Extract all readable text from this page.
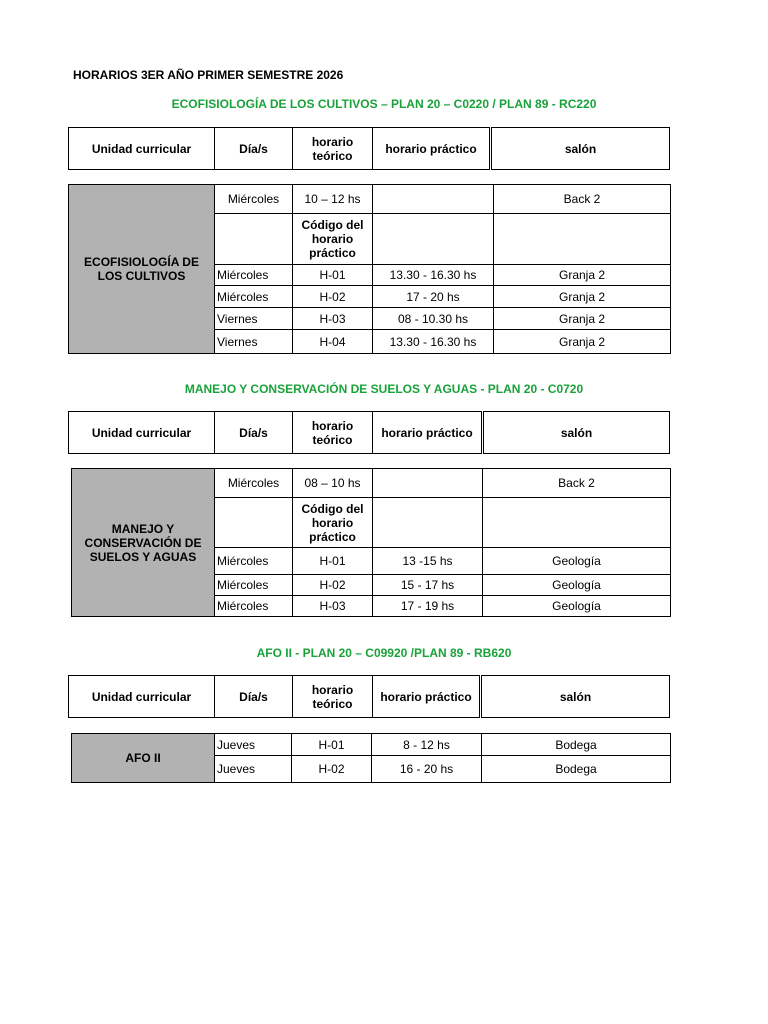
HORARIOS 3ER AÑO PRIMER SEMESTRE 2026
ECOFISIOLOGÍA DE LOS CULTIVOS – PLAN 20 – C0220 / PLAN 89 - RC220
Unidad curricular	Día/s	horario teórico	horario práctico	salón
ECOFISIOLOGÍA DE LOS CULTIVOS	Miércoles	10 – 12 hs		Back 2
		Código del horario práctico		
	Miércoles	H-01	13.30 - 16.30 hs	Granja 2
	Miércoles	H-02	17 - 20 hs	Granja 2
	Viernes	H-03	08 - 10.30 hs	Granja 2
	Viernes	H-04	13.30 - 16.30 hs	Granja 2
MANEJO Y CONSERVACIÓN DE SUELOS Y AGUAS - PLAN 20 - C0720
Unidad curricular	Día/s	horario teórico	horario práctico	salón
MANEJO Y CONSERVACIÓN DE SUELOS Y AGUAS	Miércoles	08 – 10 hs		Back 2
		Código del horario práctico		
	Miércoles	H-01	13 -15 hs	Geología
	Miércoles	H-02	15 - 17 hs	Geología
	Miércoles	H-03	17 - 19 hs	Geología
AFO II - PLAN 20 – C09920 /PLAN 89 - RB620
Unidad curricular	Día/s	horario teórico	horario práctico	salón
AFO II	Jueves	H-01	8 - 12 hs	Bodega
	Jueves	H-02	16 - 20 hs	Bodega
